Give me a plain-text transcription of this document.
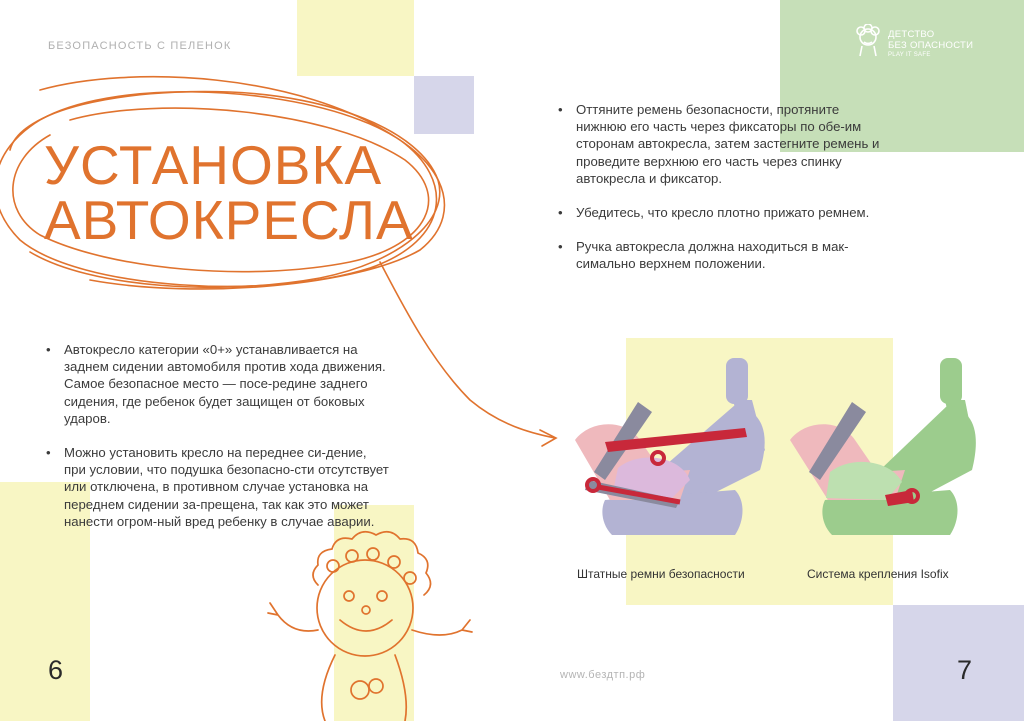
БЕЗОПАСНОСТЬ С ПЕЛЕНОК
ДЕТСТВО
БЕЗ ОПАСНОСТИ
PLAY IT SAFE
УСТАНОВКА
АВТОКРЕСЛА
• Автокресло категории «0+» устанавливается на заднем сидении автомобиля против хода движения. Самое безопасное место — посе-редине заднего сидения, где ребенок будет защищен от боковых ударов.
• Можно установить кресло на переднее си-дение, при условии, что подушка безопасно-сти отсутствует или отключена, в противном случае установка на переднем сидении за-прещена, так как это может нанести огром-ный вред ребенку в случае аварии.
• Оттяните ремень безопасности, протяните нижнюю его часть через фиксаторы по обе-им сторонам автокресла, затем застегните ремень и проведите верхнюю его часть через спинку автокресла и фиксатор.
• Убедитесь, что кресло плотно прижато ремнем.
• Ручка автокресла должна находиться в мак-симально верхнем положении.
Штатные ремни безопасности	Система крепления Isofix
6	www.бездтп.рф	7
